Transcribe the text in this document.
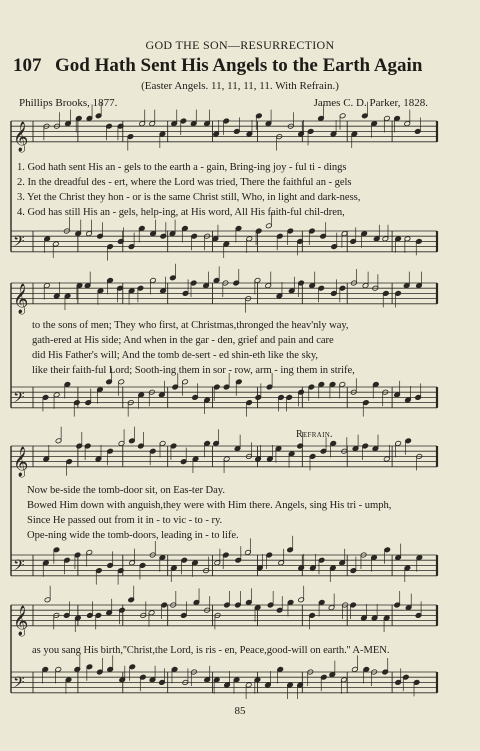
GOD THE SON—RESURRECTION
107 God Hath Sent His Angels to the Earth Again
(Easter Angels. 11, 11, 11, 11. With Refrain.)
Phillips Brooks, 1877.	James C. D. Parker, 1828.
𝄞
𝄢
𝄞
𝄢
𝄞
𝄢
𝄞
𝄢
1. God hath sent His an - gels to the earth a - gain, Bring-ing joy - ful ti - dings
2. In the dreadful des - ert, where the Lord was tried, There the faithful an - gels
3. Yet the Christ they hon - or is the same Christ still, Who, in light and dark-ness,
4. God has still His an - gels, help-ing, at His word, All His faith-ful chil-dren,
to the sons of men; They who first, at Christmas,thronged the heav'nly way,
gath-ered at His side; And when in the gar - den, grief and pain and care
did His Father's will; And the tomb de-sert - ed shin-eth like the sky,
like their faith-ful Lord; Sooth-ing them in sor - row, arm - ing them in strife,
Refrain.
Now be-side the tomb-door sit, on Eas-ter Day.
Bowed Him down with anguish,they were with Him there. Angels, sing His tri - umph,
Since He passed out from it in - to vic - to - ry.
Ope-ning wide the tomb-doors, leading in - to life.
as you sang His birth,''Christ,the Lord, is ris - en, Peace,good-will on earth.'' A-MEN.
85
